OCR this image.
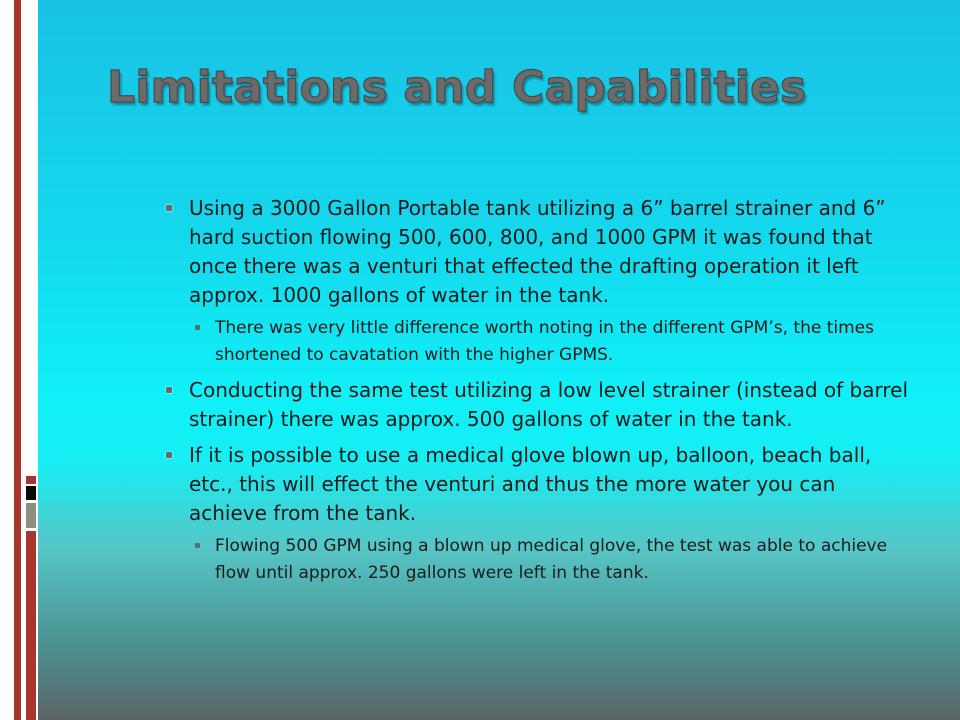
Limitations and Capabilities
Using a 3000 Gallon Portable tank utilizing a 6” barrel strainer and 6” hard suction flowing 500, 600, 800, and 1000 GPM it was found that once there was a venturi that effected the drafting operation it left approx. 1000 gallons of water in the tank.
There was very little difference worth noting in the different GPM’s, the times shortened to cavatation with the higher GPMS.
Conducting the same test utilizing a low level strainer (instead of barrel strainer) there was approx. 500 gallons of water in the tank.
If it is possible to use a medical glove blown up, balloon, beach ball, etc., this will effect the venturi and thus the more water you can achieve from the tank.
Flowing 500 GPM using a blown up medical glove, the test was able to achieve flow until approx. 250 gallons were left in the tank.
